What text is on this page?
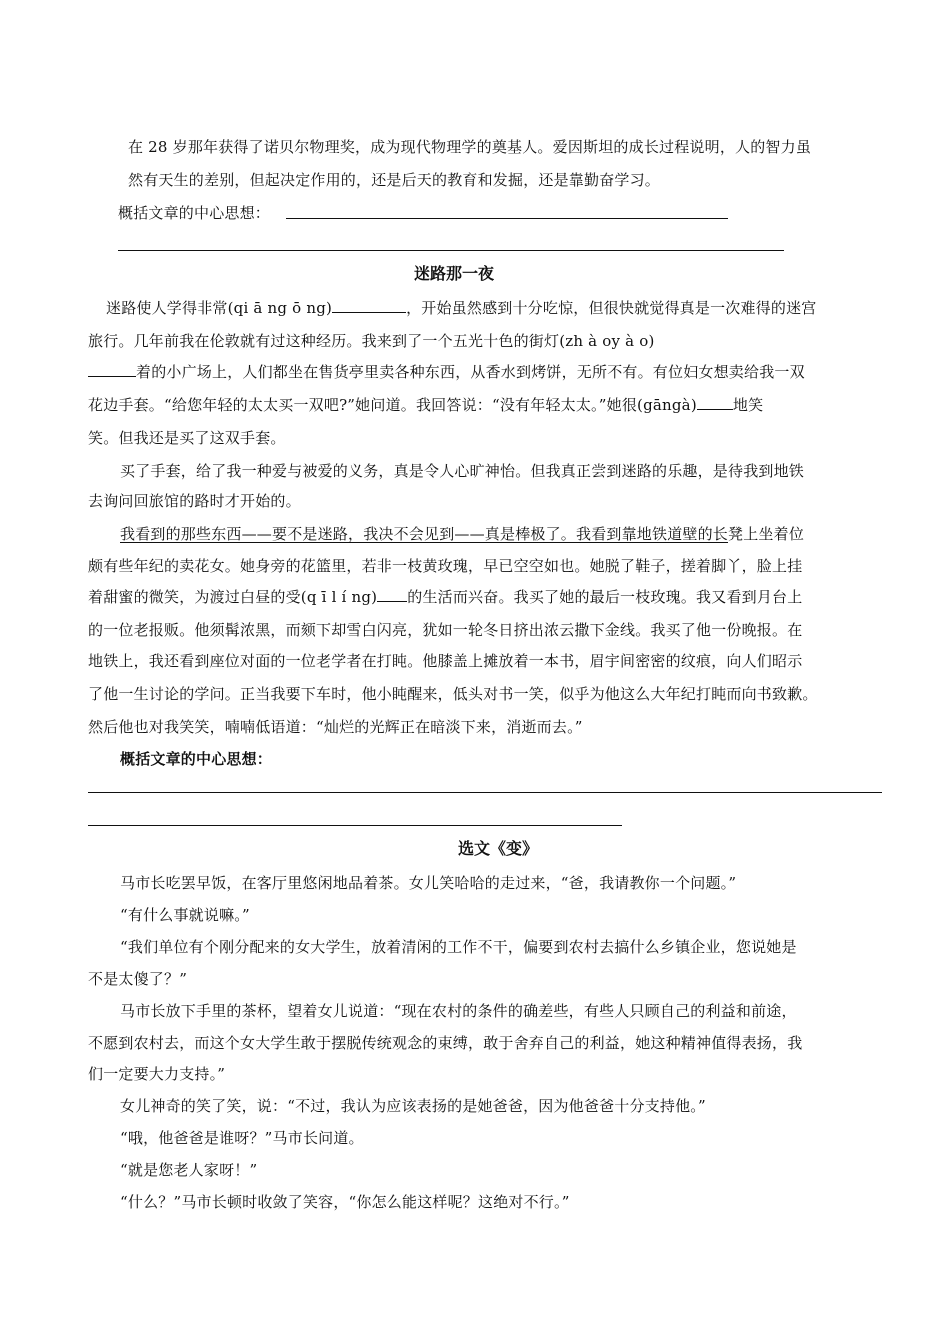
在 28 岁那年获得了诺贝尔物理奖，成为现代物理学的奠基人。爱因斯坦的成长过程说明，人的智力虽
然有天生的差别，但起决定作用的，还是后天的教育和发掘，还是靠勤奋学习。
概括文章的中心思想：
迷路那一夜
迷路使人学得非常(qi ā ng ō ng)	，开始虽然感到十分吃惊，但很快就觉得真是一次难得的迷宫
旅行。几年前我在伦敦就有过这种经历。我来到了一个五光十色的街灯(zh à oy à o)
着的小广场上，人们都坐在售货亭里卖各种东西，从香水到烤饼，无所不有。有位妇女想卖给我一双
花边手套。“给您年轻的太太买一双吧?”她问道。我回答说：“没有年轻太太。”她很(gāngà) 地笑
笑。但我还是买了这双手套。
买了手套，给了我一种爱与被爱的义务，真是令人心旷神怡。但我真正尝到迷路的乐趣，是待我到地铁
去询问回旅馆的路时才开始的。
我看到的那些东西——要不是迷路，我决不会见到——真是棒极了。我看到靠地铁道壁的长凳上坐着位
颇有些年纪的卖花女。她身旁的花篮里，若非一枝黄玫瑰，早已空空如也。她脱了鞋子，搓着脚丫，脸上挂
着甜蜜的微笑，为渡过白昼的受(q ī l í ng) 的生活而兴奋。我买了她的最后一枝玫瑰。我又看到月台上
的一位老报贩。他须髯浓黑，而颏下却雪白闪亮，犹如一轮冬日挤出浓云撒下金线。我买了他一份晚报。在
地铁上，我还看到座位对面的一位老学者在打盹。他膝盖上摊放着一本书，眉宇间密密的纹痕，向人们昭示
了他一生讨论的学问。正当我要下车时，他小盹醒来，低头对书一笑，似乎为他这么大年纪打盹而向书致歉。
然后他也对我笑笑，喃喃低语道：“灿烂的光辉正在暗淡下来，消逝而去。”
概括文章的中心思想：
选文《变》
马市长吃罢早饭，在客厅里悠闲地品着茶。女儿笑哈哈的走过来，“爸，我请教你一个问题。”
“有什么事就说嘛。”
“我们单位有个刚分配来的女大学生，放着清闲的工作不干，偏要到农村去搞什么乡镇企业，您说她是
不是太傻了？”
马市长放下手里的茶杯，望着女儿说道：“现在农村的条件的确差些，有些人只顾自己的利益和前途，
不愿到农村去，而这个女大学生敢于摆脱传统观念的束缚，敢于舍弃自己的利益，她这种精神值得表扬，我
们一定要大力支持。”
女儿神奇的笑了笑，说：“不过，我认为应该表扬的是她爸爸，因为他爸爸十分支持他。”
“哦，他爸爸是谁呀？”马市长问道。
“就是您老人家呀！”
“什么？”马市长顿时收敛了笑容，“你怎么能这样呢？这绝对不行。”
